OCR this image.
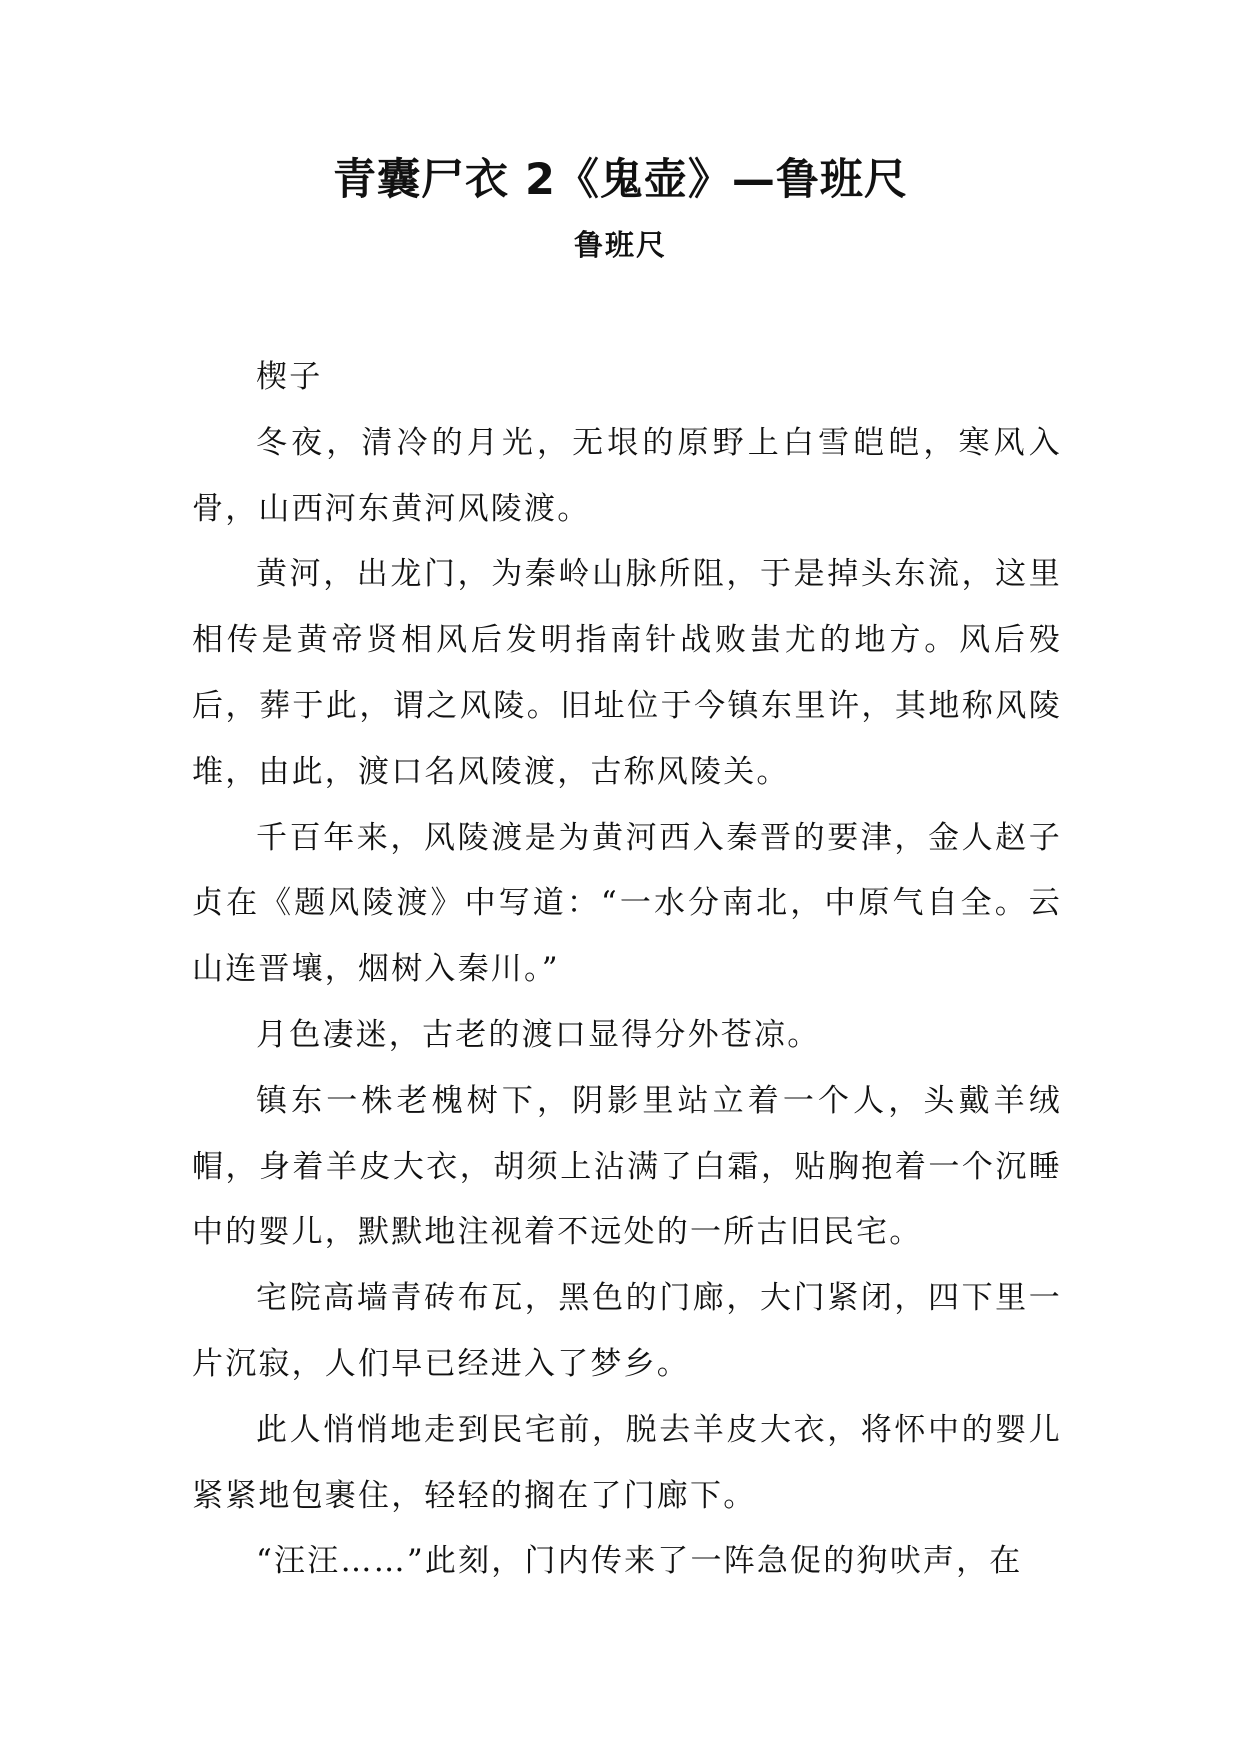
青囊尸衣 2《鬼壶》—鲁班尺
鲁班尺

楔子

冬夜，清冷的月光，无垠的原野上白雪皑皑，寒风入骨，山西河东黄河风陵渡。

黄河，出龙门，为秦岭山脉所阻，于是掉头东流，这里相传是黄帝贤相风后发明指南针战败蚩尤的地方。风后殁后，葬于此，谓之风陵。旧址位于今镇东里许，其地称风陵堆，由此，渡口名风陵渡，古称风陵关。

千百年来，风陵渡是为黄河西入秦晋的要津，金人赵子贞在《题风陵渡》中写道：“一水分南北，中原气自全。云山连晋壤，烟树入秦川。”

月色凄迷，古老的渡口显得分外苍凉。

镇东一株老槐树下，阴影里站立着一个人，头戴羊绒帽，身着羊皮大衣，胡须上沾满了白霜，贴胸抱着一个沉睡中的婴儿，默默地注视着不远处的一所古旧民宅。

宅院高墙青砖布瓦，黑色的门廊，大门紧闭，四下里一片沉寂，人们早已经进入了梦乡。

此人悄悄地走到民宅前，脱去羊皮大衣，将怀中的婴儿紧紧地包裹住，轻轻的搁在了门廊下。

“汪汪……”此刻，门内传来了一阵急促的狗吠声，在
